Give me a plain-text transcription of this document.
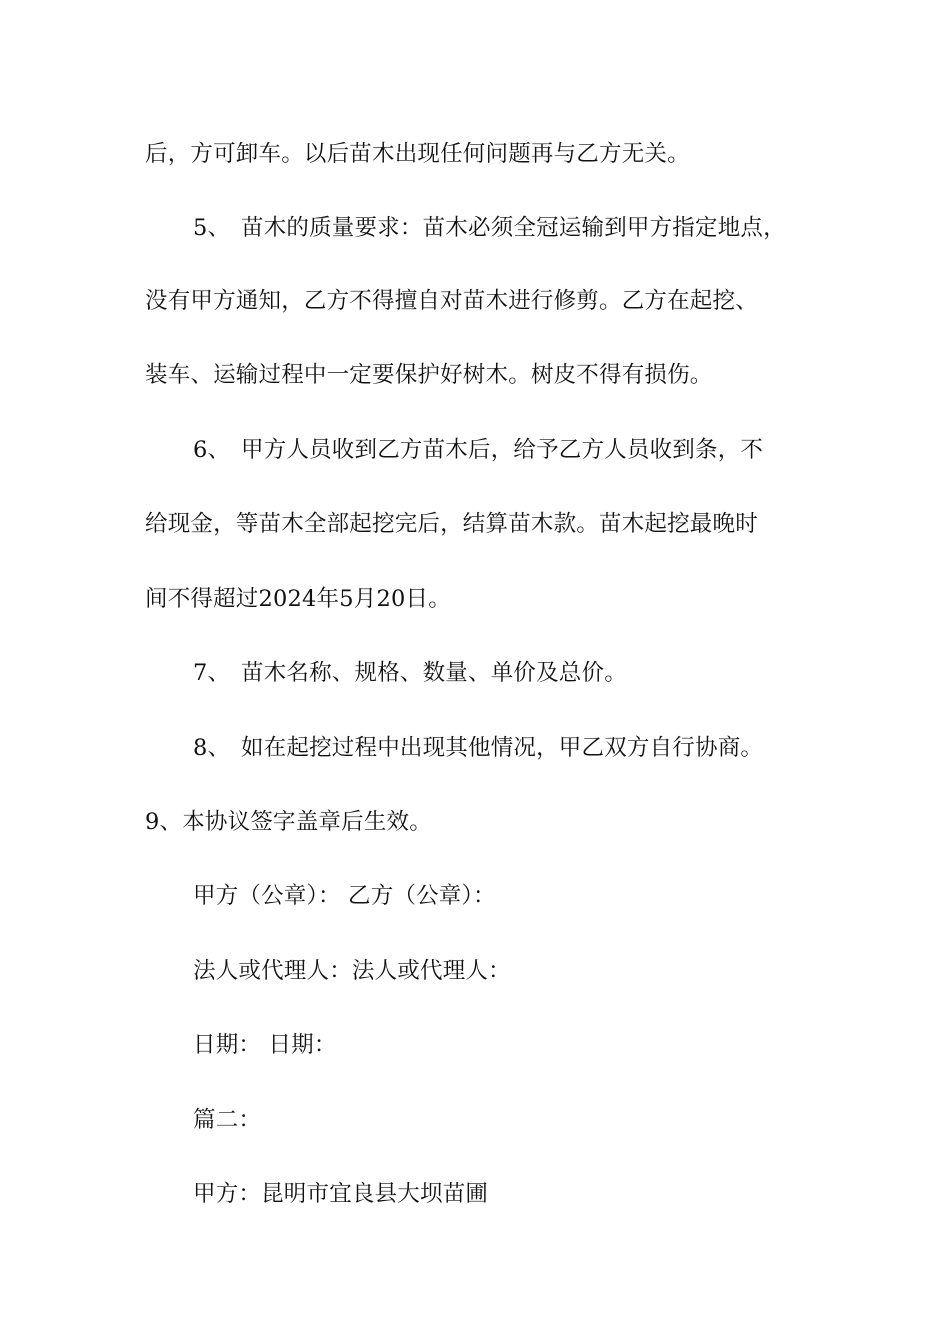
后，方可卸车。以后苗木出现任何问题再与乙方无关。
5、 苗木的质量要求：苗木必须全冠运输到甲方指定地点，
没有甲方通知，乙方不得擅自对苗木进行修剪。乙方在起挖、
装车、运输过程中一定要保护好树木。树皮不得有损伤。
6、 甲方人员收到乙方苗木后，给予乙方人员收到条，不
给现金，等苗木全部起挖完后，结算苗木款。苗木起挖最晚时
间不得超过2024年5月20日。
7、 苗木名称、规格、数量、单价及总价。
8、 如在起挖过程中出现其他情况，甲乙双方自行协商。
9、本协议签字盖章后生效。
甲方（公章）： 乙方（公章）：
法人或代理人：法人或代理人：
日期： 日期：
篇二：
甲方：昆明市宜良县大坝苗圃
